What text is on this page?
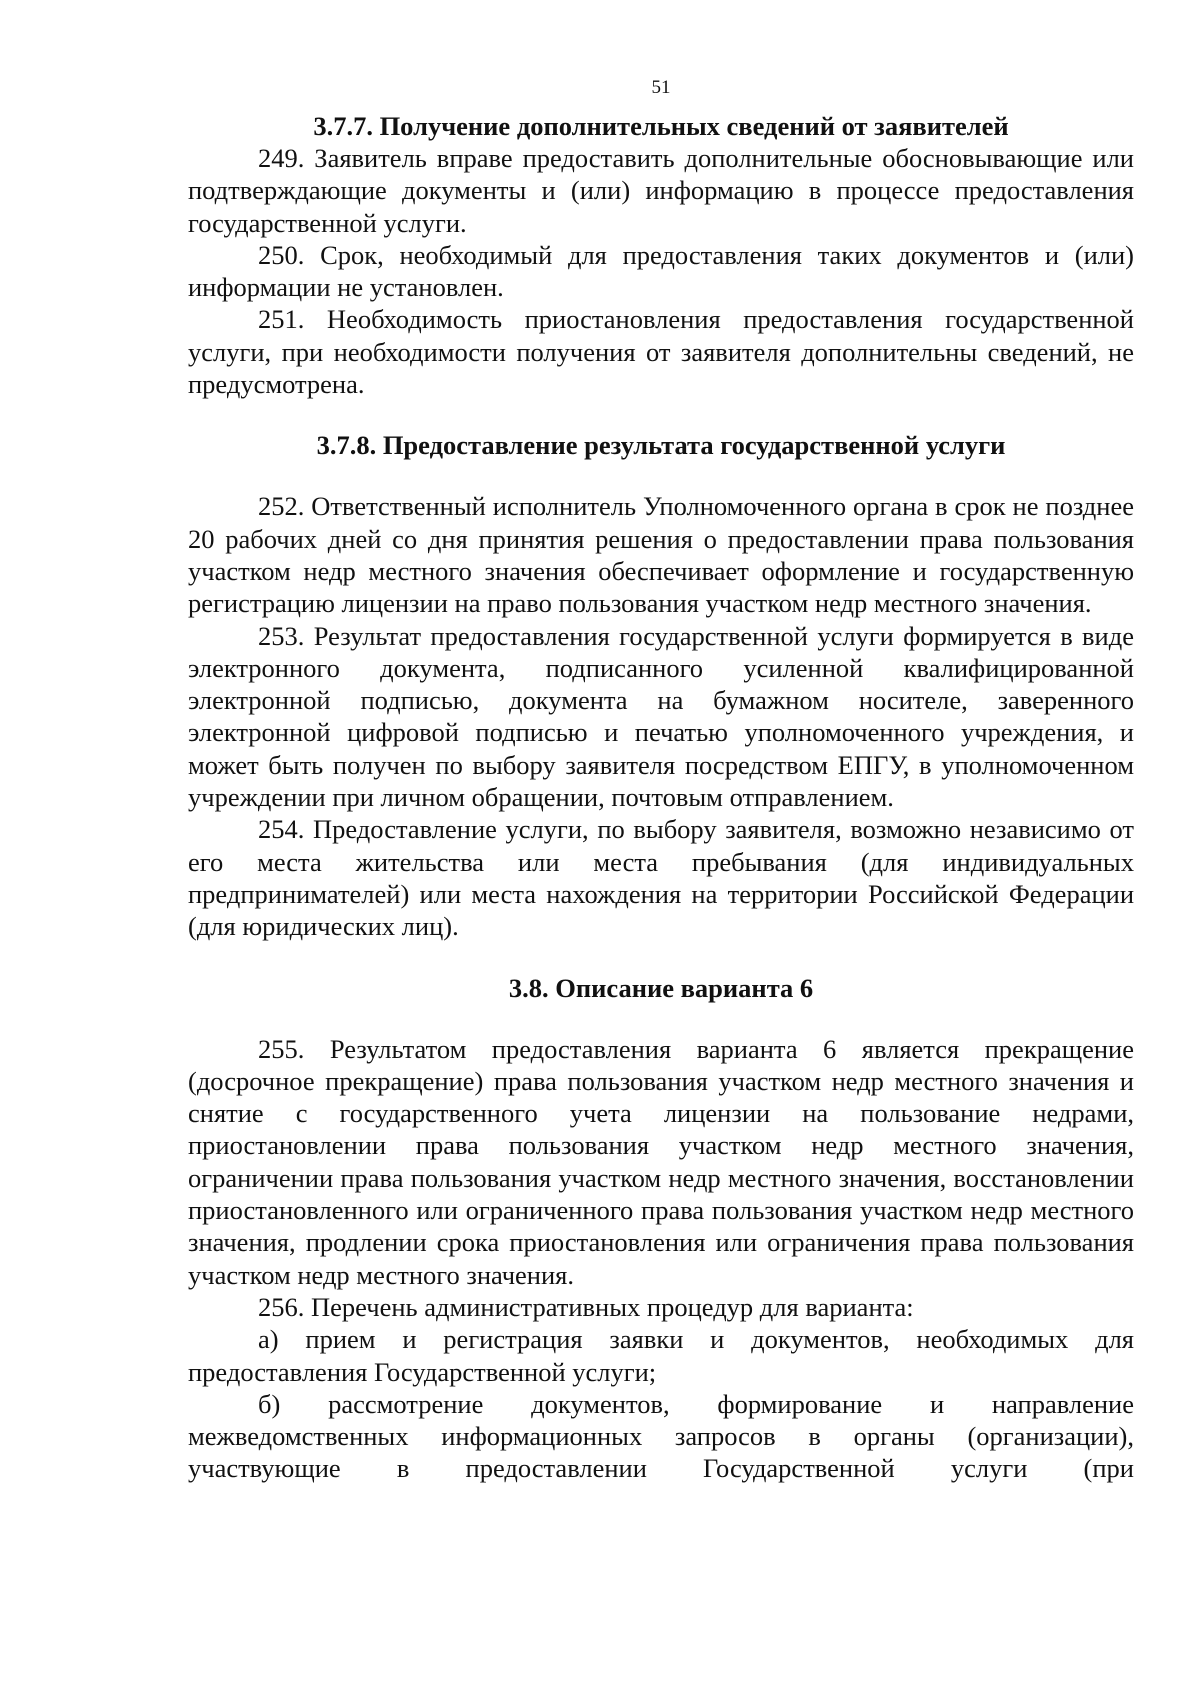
51
3.7.7. Получение дополнительных сведений от заявителей

249. Заявитель вправе предоставить дополнительные обосновывающие или подтверждающие документы и (или) информацию в процессе предоставления государственной услуги.

250. Срок, необходимый для предоставления таких документов и (или) информации не установлен.

251. Необходимость приостановления предоставления государственной услуги, при необходимости получения от заявителя дополнительны сведений, не предусмотрена.

3.7.8. Предоставление результата государственной услуги

252. Ответственный исполнитель Уполномоченного органа в срок не позднее 20 рабочих дней со дня принятия решения о предоставлении права пользования участком недр местного значения обеспечивает оформление и государственную регистрацию лицензии на право пользования участком недр местного значения.

253. Результат предоставления государственной услуги формируется в виде электронного документа, подписанного усиленной квалифицированной электронной подписью, документа на бумажном носителе, заверенного электронной цифровой подписью и печатью уполномоченного учреждения, и может быть получен по выбору заявителя посредством ЕПГУ, в уполномоченном учреждении при личном обращении, почтовым отправлением.

254. Предоставление услуги, по выбору заявителя, возможно независимо от его места жительства или места пребывания (для индивидуальных предпринимателей) или места нахождения на территории Российской Федерации (для юридических лиц).

3.8. Описание варианта 6

255. Результатом предоставления варианта 6 является прекращение (досрочное прекращение) права пользования участком недр местного значения и снятие с государственного учета лицензии на пользование недрами, приостановлении права пользования участком недр местного значения, ограничении права пользования участком недр местного значения, восстановлении приостановленного или ограниченного права пользования участком недр местного значения, продлении срока приостановления или ограничения права пользования участком недр местного значения.

256. Перечень административных процедур для варианта:

а) прием и регистрация заявки и документов, необходимых для предоставления Государственной услуги;

б) рассмотрение документов, формирование и направление межведомственных информационных запросов в органы (организации), участвующие в предоставлении Государственной услуги (при
